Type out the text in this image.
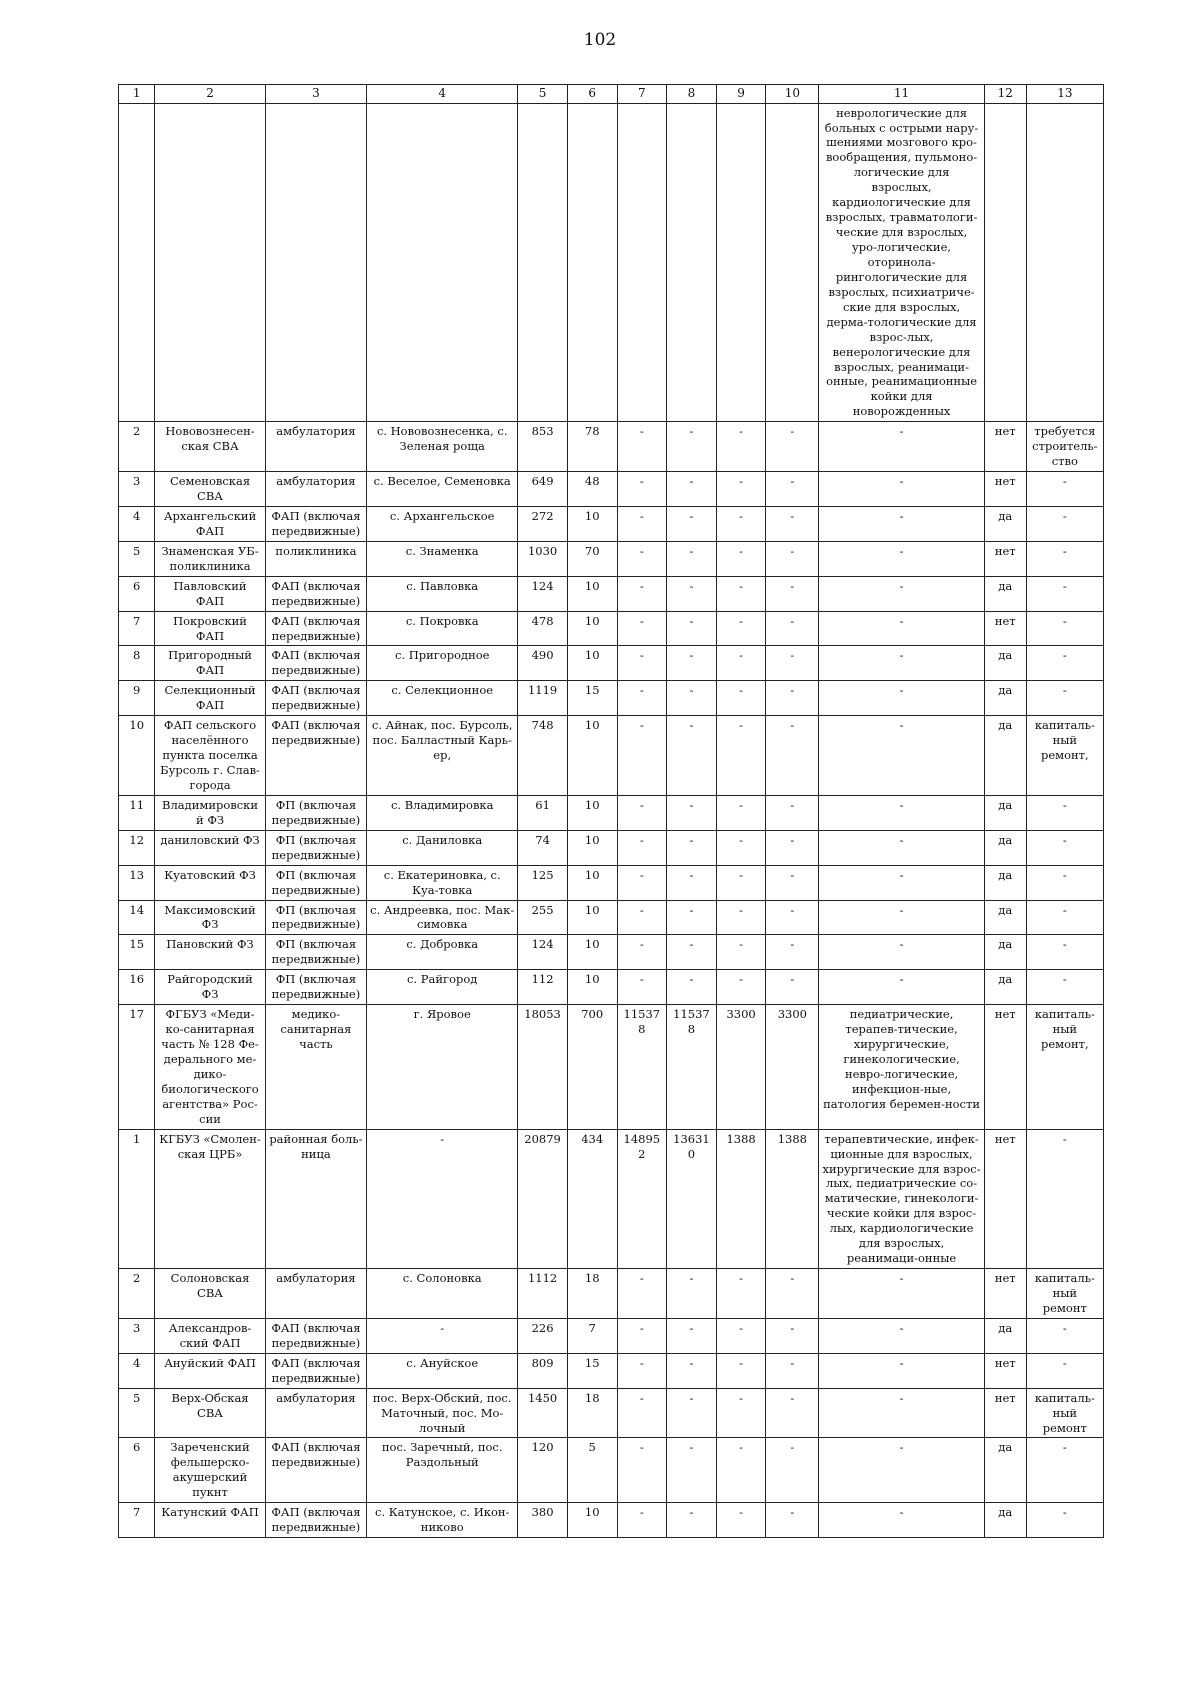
102
1	2	3	4	5	6	7	8	9	10	11	12	13
										неврологические для больных с острыми нару-шениями мозгового кро-вообращения, пульмоно-логические для взрослых, кардиологические для взрослых, травматологи-ческие для взрослых, уро-логические, оторинола-рингологические для взрослых, психиатриче-ские для взрослых, дерма-тологические для взрос-лых, венерологические для взрослых, реанимаци-онные, реанимационные койки для новорожденных		
2	Нововознесен-ская СВА	амбулатория	с. Нововознесенка, с. Зеленая роща	853	78	-	-	-	-	-	нет	требуется строитель-ство
3	Семеновская СВА	амбулатория	с. Веселое, Семеновка	649	48	-	-	-	-	-	нет	-
4	Архангельский ФАП	ФАП (включая передвижные)	с. Архангельское	272	10	-	-	-	-	-	да	-
5	Знаменская УБ-поликлиника	поликлиника	с. Знаменка	1030	70	-	-	-	-	-	нет	-
6	Павловский ФАП	ФАП (включая передвижные)	с. Павловка	124	10	-	-	-	-	-	да	-
7	Покровский ФАП	ФАП (включая передвижные)	с. Покровка	478	10	-	-	-	-	-	нет	-
8	Пригородный ФАП	ФАП (включая передвижные)	с. Пригородное	490	10	-	-	-	-	-	да	-
9	Селекционный ФАП	ФАП (включая передвижные)	с. Селекционное	1119	15	-	-	-	-	-	да	-
10	ФАП сельского населённого пункта поселка Бурсоль г. Слав-города	ФАП (включая передвижные)	с. Айнак, пос. Бурсоль, пос. Балластный Карь-ер,	748	10	-	-	-	-	-	да	капиталь-ный ремонт,
11	Владимировский ФЗ	ФП (включая передвижные)	с. Владимировка	61	10	-	-	-	-	-	да	-
12	даниловский ФЗ	ФП (включая передвижные)	с. Даниловка	74	10	-	-	-	-	-	да	-
13	Куатовский ФЗ	ФП (включая передвижные)	с. Екатериновка, с. Куа-товка	125	10	-	-	-	-	-	да	-
14	Максимовский ФЗ	ФП (включая передвижные)	с. Андреевка, пос. Мак-симовка	255	10	-	-	-	-	-	да	-
15	Пановский ФЗ	ФП (включая передвижные)	с. Добровка	124	10	-	-	-	-	-	да	-
16	Райгородский ФЗ	ФП (включая передвижные)	с. Райгород	112	10	-	-	-	-	-	да	-
17	ФГБУЗ «Меди-ко-санитарная часть № 128 Фе-дерального ме-дико-биологического агентства» Рос-сии	медико-санитарная часть	г. Яровое	18053	700	115378	115378	3300	3300	педиатрические, терапев-тические, хирургические, гинекологические, невро-логические, инфекцион-ные, патология беремен-ности	нет	капиталь-ный ремонт,
1	КГБУЗ «Смолен-ская ЦРБ»	районная боль-ница	-	20879	434	148952	136310	1388	1388	терапевтические, инфек-ционные для взрослых, хирургические для взрос-лых, педиатрические со-матические, гинекологи-ческие койки для взрос-лых, кардиологические для взрослых, реанимаци-онные	нет	-
2	Солоновская СВА	амбулатория	с. Солоновка	1112	18	-	-	-	-	-	нет	капиталь-ный ремонт
3	Александров-ский ФАП	ФАП (включая передвижные)	-	226	7	-	-	-	-	-	да	-
4	Ануйский ФАП	ФАП (включая передвижные)	с. Ануйское	809	15	-	-	-	-	-	нет	-
5	Верх-Обская СВА	амбулатория	пос. Верх-Обский, пос. Маточный, пос. Мо-лочный	1450	18	-	-	-	-	-	нет	капиталь-ный ремонт
6	Зареченский фельшерско-акушерский пукнт	ФАП (включая передвижные)	пос. Заречный, пос. Раздольный	120	5	-	-	-	-	-	да	-
7	Катунский ФАП	ФАП (включая передвижные)	с. Катунское, с. Икон-никово	380	10	-	-	-	-	-	да	-
